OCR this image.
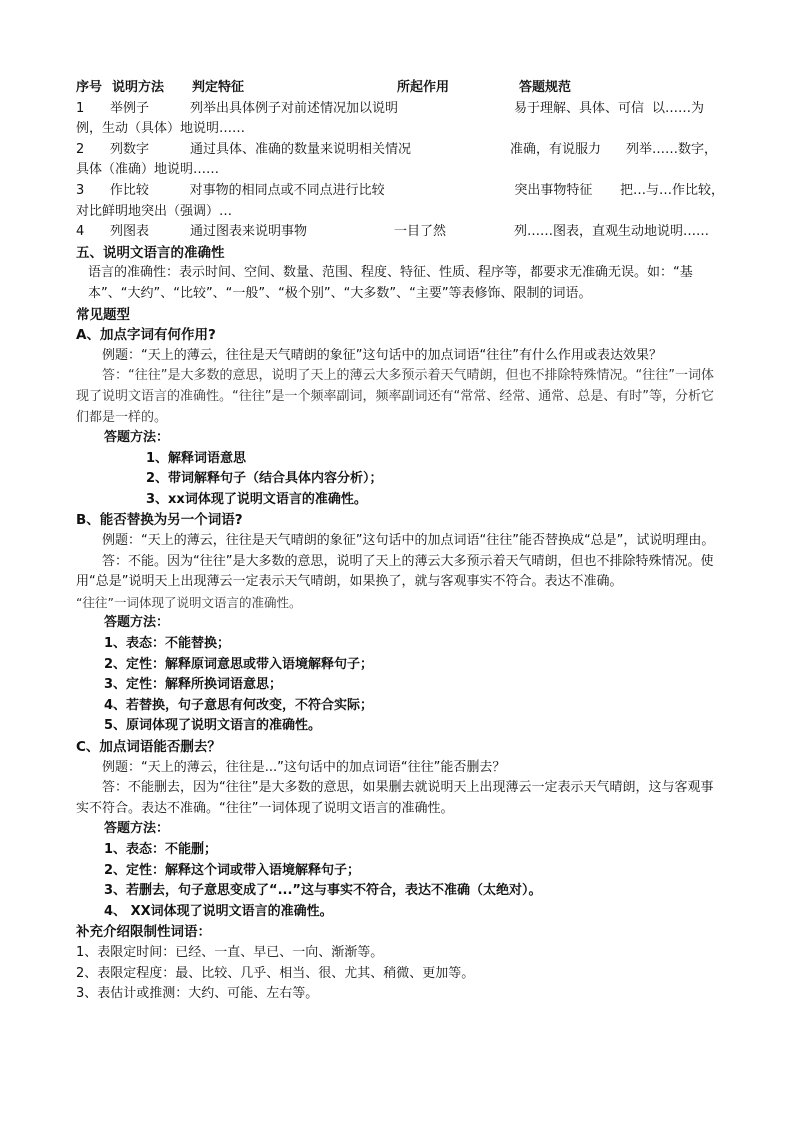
序号 说明方法	判定特征	所起作用	答题规范
1	举例子	列举出具体例子对前述情况加以说明	易于理解、具体、可信 以……为
例，生动（具体）地说明……
2	列数字	通过具体、准确的数量来说明相关情况	准确，有说服力	列举……数字，
具体（准确）地说明……
3	作比较	对事物的相同点或不同点进行比较	突出事物特征	把…与…作比较，
对比鲜明地突出（强调）…
4	列图表	通过图表来说明事物	一目了然	列……图表，直观生动地说明……
五、说明文语言的准确性

语言的准确性：表示时间、空间、数量、范围、程度、特征、性质、程序等，都要求无准确无误。如：“基本”、“大约”、“比较”、“一般”、“极个别”、“大多数”、“主要”等表修饰、限制的词语。

常见题型
A、加点字词有何作用?

例题：“天上的薄云，往往是天气晴朗的象征”这句话中的加点词语“往往”有什么作用或表达效果？

答：“往往”是大多数的意思，说明了天上的薄云大多预示着天气晴朗，但也不排除特殊情况。“往往”一词体现了说明文语言的准确性。“往往”是一个频率副词，频率副词还有“常常、经常、通常、总是、有时”等，分析它们都是一样的。

答题方法：
1、解释词语意思
2、带词解释句子（结合具体内容分析）；
3、xx词体现了说明文语言的准确性。
B、能否替换为另一个词语?

例题：“天上的薄云，往往是天气晴朗的象征”这句话中的加点词语“往往”能否替换成“总是”，试说明理由。

答：不能。因为“往往”是大多数的意思，说明了天上的薄云大多预示着天气晴朗，但也不排除特殊情况。使用“总是”说明天上出现薄云一定表示天气晴朗，如果换了，就与客观事实不符合。表达不准确。

“往往”一词体现了说明文语言的准确性。

答题方法：
1、表态：不能替换；
2、定性：解释原词意思或带入语境解释句子；
3、定性：解释所换词语意思；
4、若替换，句子意思有何改变，不符合实际；
5、原词体现了说明文语言的准确性。
C、加点词语能否删去？

例题：“天上的薄云，往往是...”这句话中的加点词语“往往”能否删去？

答：不能删去，因为“往往”是大多数的意思，如果删去就说明天上出现薄云一定表示天气晴朗，这与客观事实不符合。表达不准确。“往往”一词体现了说明文语言的准确性。

答题方法：
1、表态：不能删；
2、定性：解释这个词或带入语境解释句子；
3、若删去，句子意思变成了“...”这与事实不符合，表达不准确（太绝对）。
4、 XX词体现了说明文语言的准确性。
补充介绍限制性词语：
1、表限定时间：已经、一直、早已、一向、渐渐等。
2、表限定程度：最、比较、几乎、相当、很、尤其、稍微、更加等。
3、表估计或推测：大约、可能、左右等。
